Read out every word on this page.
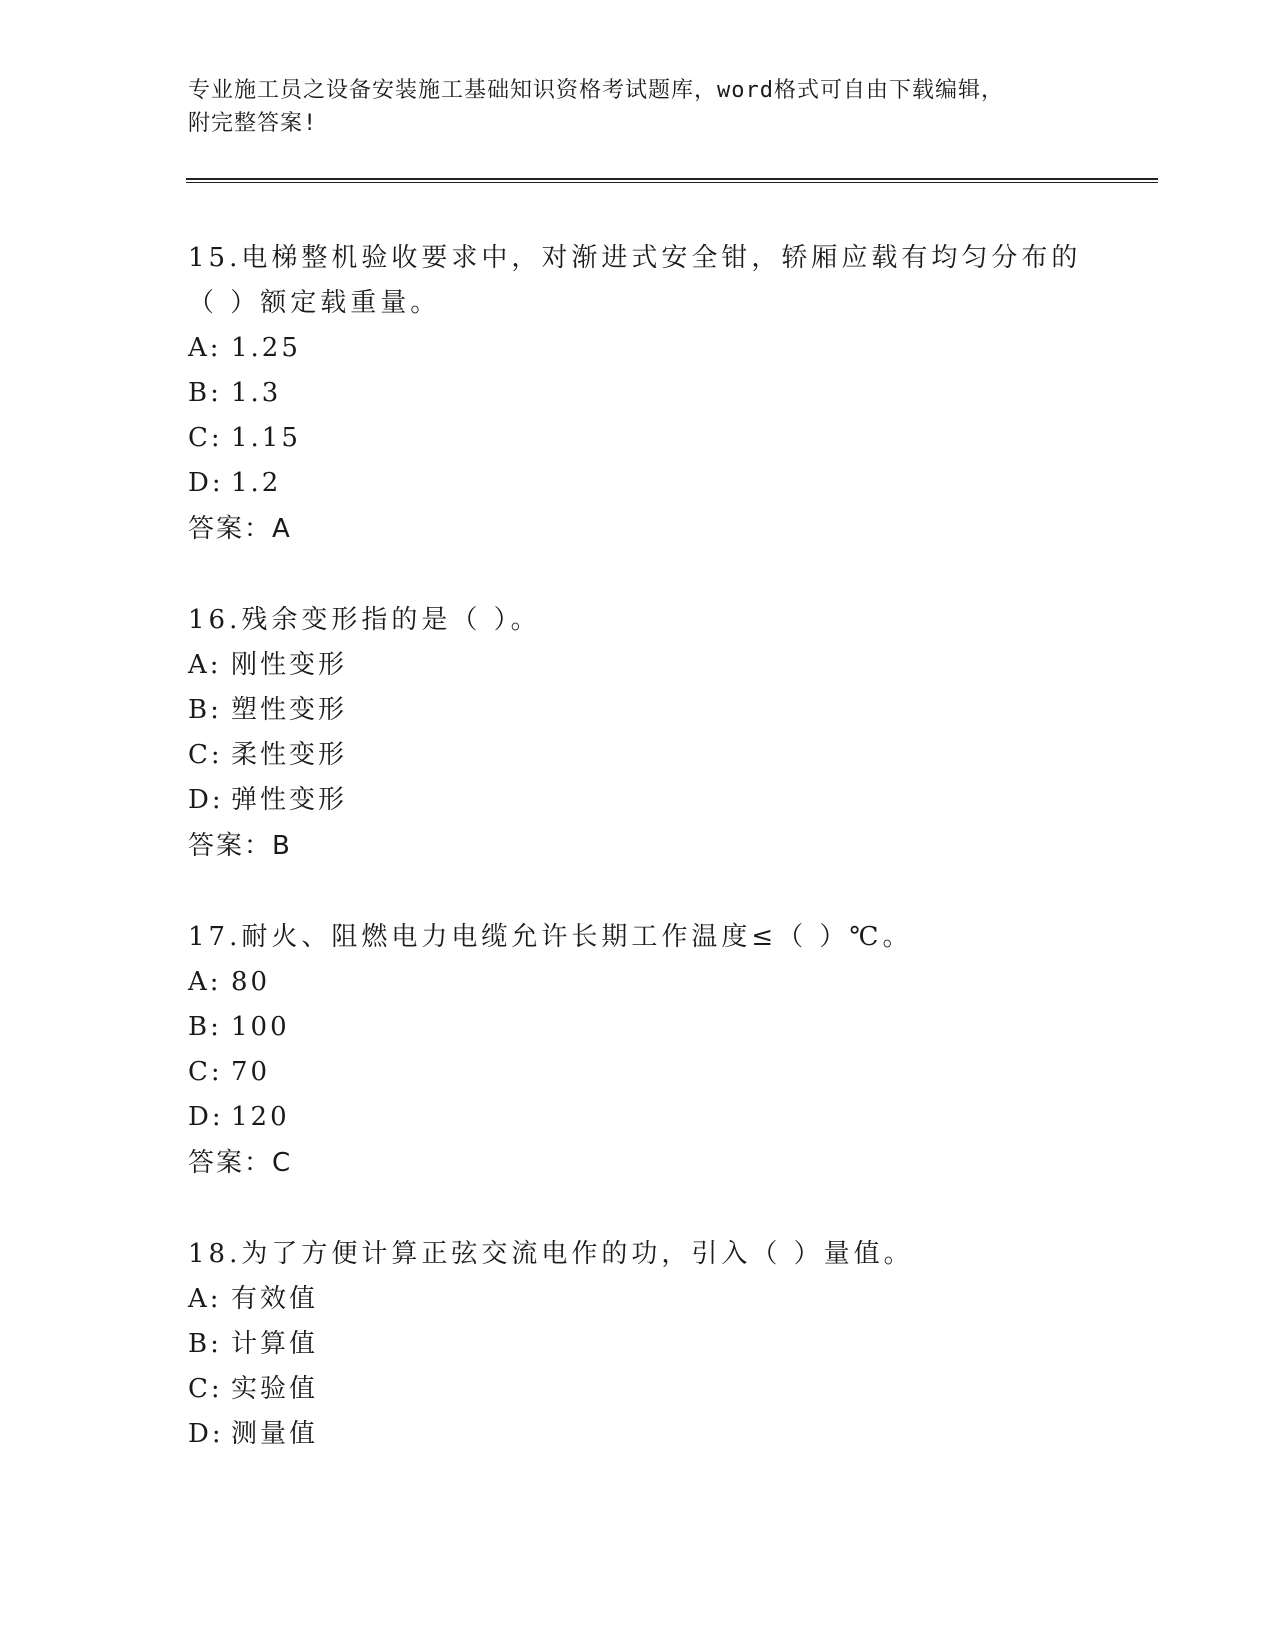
专业施工员之设备安装施工基础知识资格考试题库，word格式可自由下载编辑，
附完整答案!
15.电梯整机验收要求中，对渐进式安全钳，轿厢应载有均匀分布的（ ）额定载重量。
A: 1.25
B: 1.3
C: 1.15
D: 1.2
答案：A
16.残余变形指的是（ ）。
A: 刚性变形
B: 塑性变形
C: 柔性变形
D: 弹性变形
答案：B
17.耐火、阻燃电力电缆允许长期工作温度≤（ ）℃。
A: 80
B: 100
C: 70
D: 120
答案：C
18.为了方便计算正弦交流电作的功，引入（ ）量值。
A: 有效值
B: 计算值
C: 实验值
D: 测量值
